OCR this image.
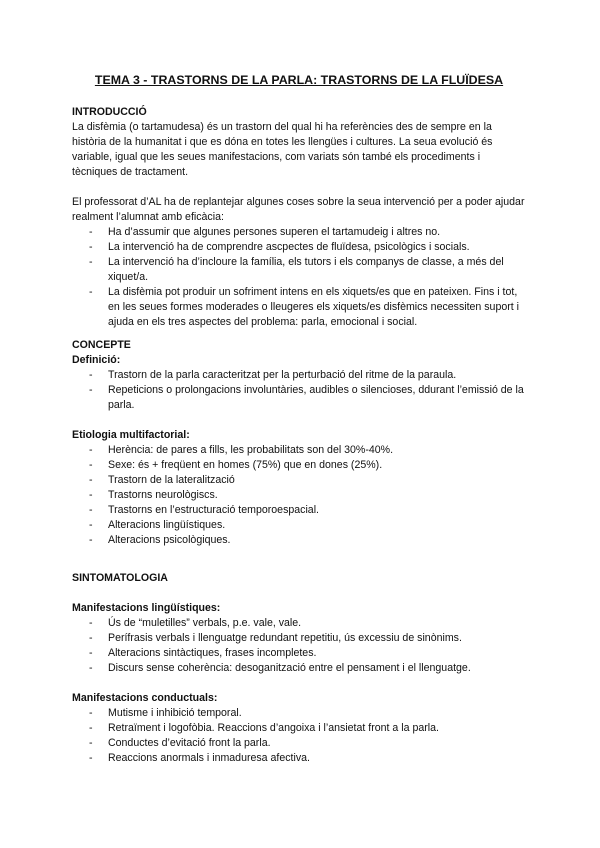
TEMA 3 - TRASTORNS DE LA PARLA: TRASTORNS DE LA FLUÏDESA
INTRODUCCIÓ

La disfèmia (o tartamudesa) és un trastorn del qual hi ha referències des de sempre en la història de la humanitat i que es dóna en totes les llengües i cultures. La seua evolució és variable, igual que les seues manifestacions, com variats són també els procediments i tècniques de tractament.

El professorat d’AL ha de replantejar algunes coses sobre la seua intervenció per a poder ajudar realment l’alumnat amb eficàcia:

- Ha d’assumir que algunes persones superen el tartamudeig i altres no.
- La intervenció ha de comprendre ascpectes de fluïdesa, psicològics i socials.
- La intervenció ha d’incloure la família, els tutors i els companys de classe, a més del xiquet/a.
- La disfèmia pot produir un sofriment intens en els xiquets/es que en pateixen. Fins i tot, en les seues formes moderades o lleugeres els xiquets/es disfèmics necessiten suport i ajuda en els tres aspectes del problema: parla, emocional i social.
CONCEPTE
Definició:
- Trastorn de la parla caracteritzat per la perturbació del ritme de la paraula.
- Repeticions o prolongacions involuntàries, audibles o silencioses, ddurant l’emissió de la parla.
Etiologia multifactorial:
- Herència: de pares a fills, les probabilitats son del 30%-40%.
- Sexe: és + freqüent en homes (75%) que en dones (25%).
- Trastorn de la lateralització
- Trastorns neurològiscs.
- Trastorns en l’estructuració temporoespacial.
- Alteracions lingüístiques.
- Alteracions psicològiques.
SINTOMATOLOGIA
Manifestacions lingüístiques:
- Ús de “muletilles” verbals, p.e. vale, vale.
- Perífrasis verbals i llenguatge redundant repetitiu, ús excessiu de sinònims.
- Alteracions sintàctiques, frases incompletes.
- Discurs sense coherència: desoganització entre el pensament i el llenguatge.
Manifestacions conductuals:
- Mutisme i inhibició temporal.
- Retraïment i logofòbia. Reaccions d’angoixa i l’ansietat front a la parla.
- Conductes d’evitació front la parla.
- Reaccions anormals i inmaduresa afectiva.
